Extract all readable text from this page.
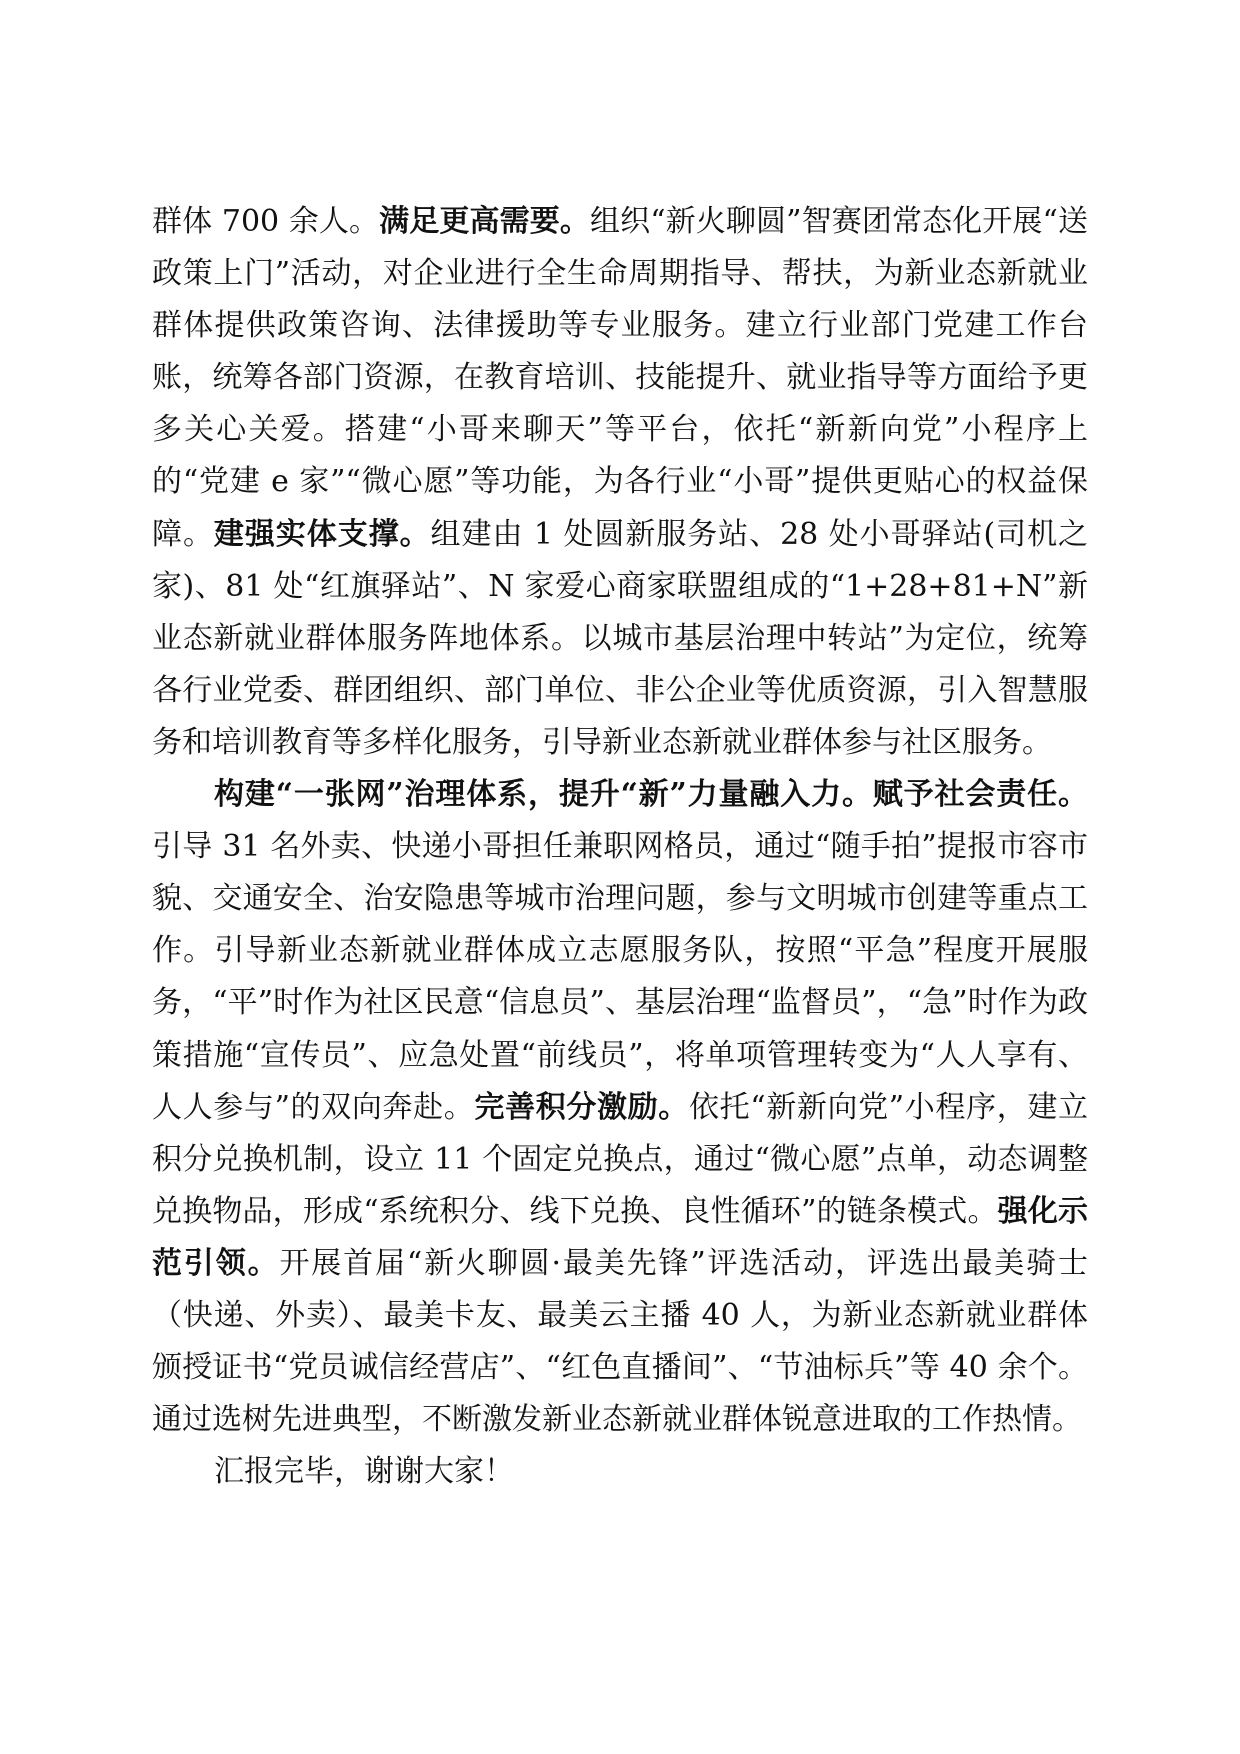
群体 700 余人。满足更高需要。组织“新火聊圆”智赛团常态化开展“送政策上门”活动，对企业进行全生命周期指导、帮扶，为新业态新就业群体提供政策咨询、法律援助等专业服务。建立行业部门党建工作台账，统筹各部门资源，在教育培训、技能提升、就业指导等方面给予更多关心关爱。搭建“小哥来聊天”等平台，依托“新新向党”小程序上的“党建 e 家”“微心愿”等功能，为各行业“小哥”提供更贴心的权益保障。建强实体支撑。组建由 1 处圆新服务站、28 处小哥驿站(司机之家)、81 处“红旗驿站”、N 家爱心商家联盟组成的“1+28+81+N”新业态新就业群体服务阵地体系。以城市基层治理中转站”为定位，统筹各行业党委、群团组织、部门单位、非公企业等优质资源，引入智慧服务和培训教育等多样化服务，引导新业态新就业群体参与社区服务。

构建“一张网”治理体系，提升“新”力量融入力。赋予社会责任。引导 31 名外卖、快递小哥担任兼职网格员，通过“随手拍”提报市容市貌、交通安全、治安隐患等城市治理问题，参与文明城市创建等重点工作。引导新业态新就业群体成立志愿服务队，按照“平急”程度开展服务，“平”时作为社区民意“信息员”、基层治理“监督员”，“急”时作为政策措施“宣传员”、应急处置“前线员”，将单项管理转变为“人人享有、人人参与”的双向奔赴。完善积分激励。依托“新新向党”小程序，建立积分兑换机制，设立 11 个固定兑换点，通过“微心愿”点单，动态调整兑换物品，形成“系统积分、线下兑换、良性循环”的链条模式。强化示范引领。开展首届“新火聊圆·最美先锋”评选活动，评选出最美骑士（快递、外卖）、最美卡友、最美云主播 40 人，为新业态新就业群体颁授证书“党员诚信经营店”、“红色直播间”、“节油标兵”等 40 余个。通过选树先进典型，不断激发新业态新就业群体锐意进取的工作热情。

汇报完毕，谢谢大家！
